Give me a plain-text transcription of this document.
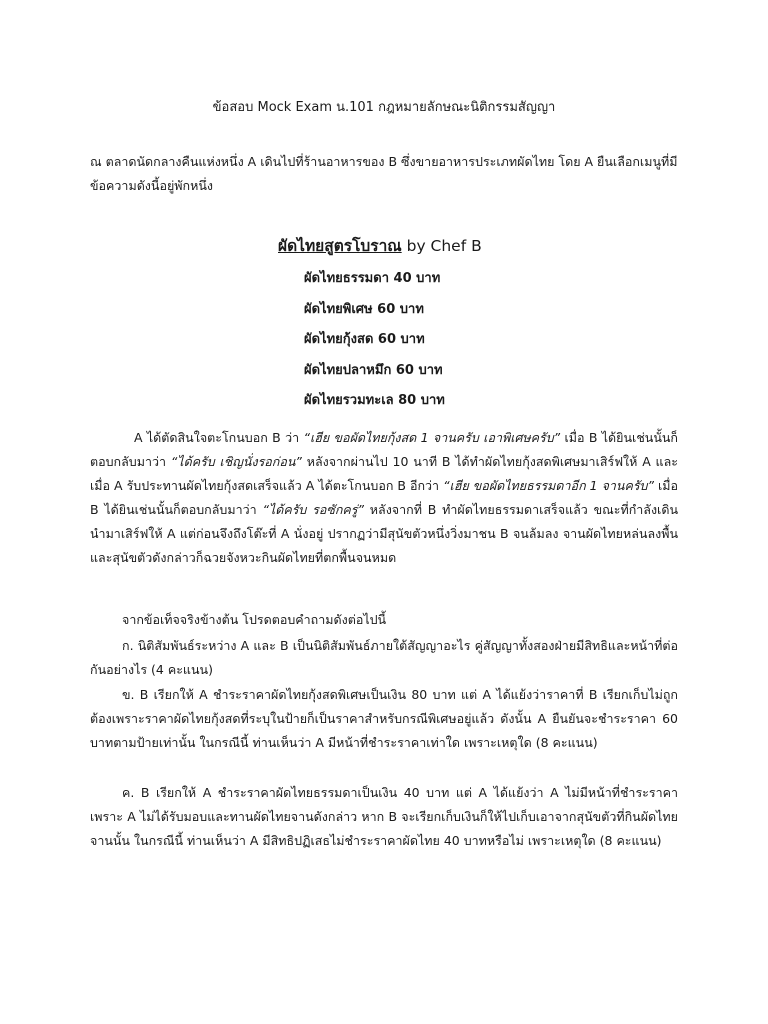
ข้อสอบ Mock Exam น.101 กฎหมายลักษณะนิติกรรมสัญญา

ณ ตลาดนัดกลางคืนแห่งหนึ่ง A เดินไปที่ร้านอาหารของ B ซึ่งขายอาหารประเภทผัดไทย โดย A ยืนเลือกเมนูที่มีข้อความดังนี้อยู่พักหนึ่ง

ผัดไทยสูตรโบราณ by Chef B
ผัดไทยธรรมดา 40 บาท
ผัดไทยพิเศษ 60 บาท
ผัดไทยกุ้งสด 60 บาท
ผัดไทยปลาหมึก 60 บาท
ผัดไทยรวมทะเล 80 บาท

A ได้ตัดสินใจตะโกนบอก B ว่า “เฮีย ขอผัดไทยกุ้งสด 1 จานครับ เอาพิเศษครับ” เมื่อ B ได้ยินเช่นนั้นก็ตอบกลับมาว่า “ได้ครับ เชิญนั่งรอก่อน” หลังจากผ่านไป 10 นาที B ได้ทำผัดไทยกุ้งสดพิเศษมาเสิร์ฟให้ A และเมื่อ A รับประทานผัดไทยกุ้งสดเสร็จแล้ว A ได้ตะโกนบอก B อีกว่า “เฮีย ขอผัดไทยธรรมดาอีก 1 จานครับ” เมื่อ B ได้ยินเช่นนั้นก็ตอบกลับมาว่า “ได้ครับ รอซักครู่” หลังจากที่ B ทำผัดไทยธรรมดาเสร็จแล้ว ขณะที่กำลังเดินนำมาเสิร์ฟให้ A แต่ก่อนจึงถึงโต๊ะที่ A นั่งอยู่ ปรากฏว่ามีสุนัขตัวหนึ่งวิ่งมาชน B จนล้มลง จานผัดไทยหล่นลงพื้นและสุนัขตัวดังกล่าวก็ฉวยจังหวะกินผัดไทยที่ตกพื้นจนหมด

จากข้อเท็จจริงข้างต้น โปรดตอบคำถามดังต่อไปนี้

ก. นิติสัมพันธ์ระหว่าง A และ B เป็นนิติสัมพันธ์ภายใต้สัญญาอะไร คู่สัญญาทั้งสองฝ่ายมีสิทธิและหน้าที่ต่อกันอย่างไร (4 คะแนน)

ข. B เรียกให้ A ชำระราคาผัดไทยกุ้งสดพิเศษเป็นเงิน 80 บาท แต่ A ได้แย้งว่าราคาที่ B เรียกเก็บไม่ถูกต้องเพราะราคาผัดไทยกุ้งสดที่ระบุในป้ายก็เป็นราคาสำหรับกรณีพิเศษอยู่แล้ว ดังนั้น A ยืนยันจะชำระราคา 60 บาทตามป้ายเท่านั้น ในกรณีนี้ ท่านเห็นว่า A มีหน้าที่ชำระราคาเท่าใด เพราะเหตุใด (8 คะแนน)

ค. B เรียกให้ A ชำระราคาผัดไทยธรรมดาเป็นเงิน 40 บาท แต่ A ได้แย้งว่า A ไม่มีหน้าที่ชำระราคาเพราะ A ไม่ได้รับมอบและทานผัดไทยจานดังกล่าว หาก B จะเรียกเก็บเงินก็ให้ไปเก็บเอาจากสุนัขตัวที่กินผัดไทยจานนั้น ในกรณีนี้ ท่านเห็นว่า A มีสิทธิปฏิเสธไม่ชำระราคาผัดไทย 40 บาทหรือไม่ เพราะเหตุใด (8 คะแนน)
